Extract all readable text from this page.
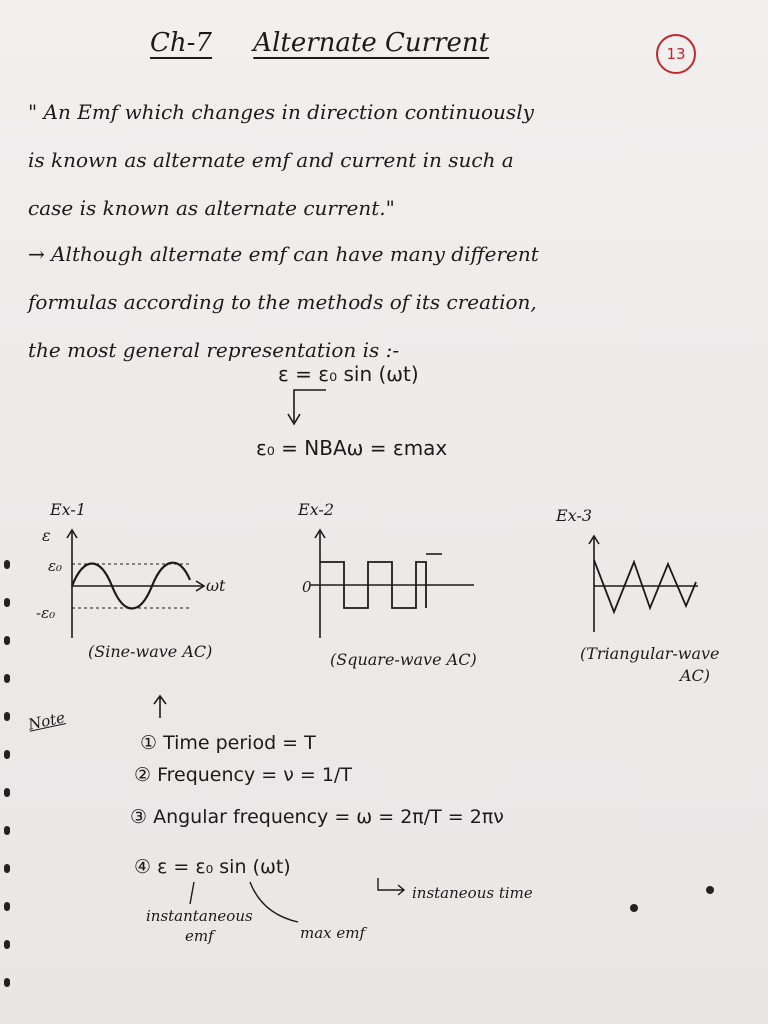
Ch-7 Alternate Current	13
" An Emf which changes in direction continuously
is known as alternate emf and current in such a
case is known as alternate current."
→ Although alternate emf can have many different
formulas according to the methods of its creation,
the most general representation is :-
ε = ε₀ sin (ωt)
ε₀ = NBAω = εmax
Ex-1
ε
ε₀
-ε₀
ωt
(Sine-wave AC)
Ex-2
0
(Square-wave AC)
Ex-3
(Triangular-wave
AC)
Note
① Time period = T
② Frequency = ν = 1/T
③ Angular frequency = ω = 2π/T = 2πν
④ ε = ε₀ sin (ωt)
instaneous time
instantaneous
emf	max emf
